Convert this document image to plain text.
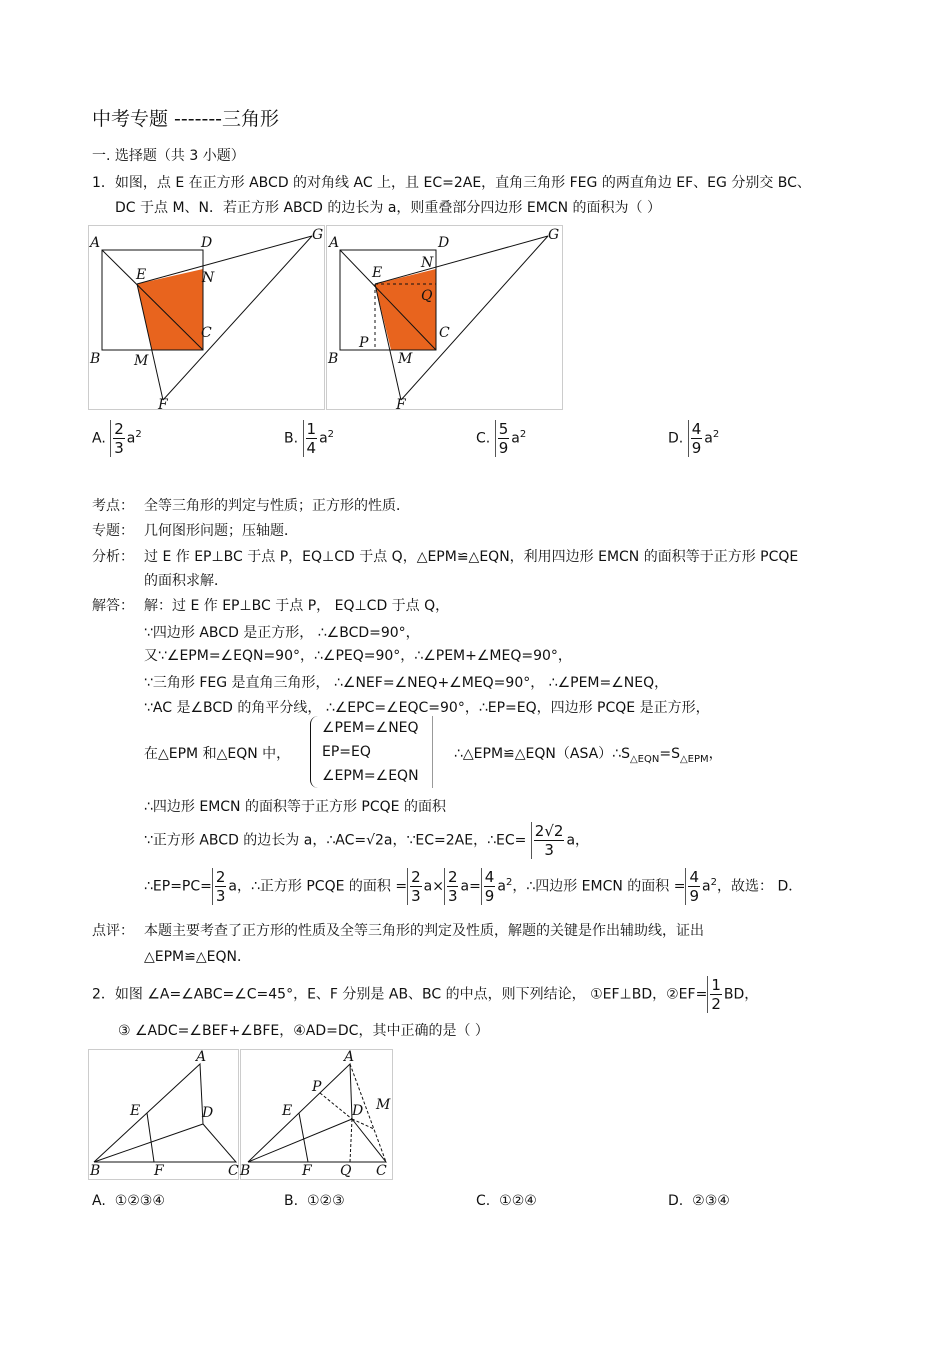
中考专题 -------三角形
一. 选择题（共 3 小题）
1．如图，点 E 在正方形 ABCD 的对角线 AC 上，且 EC=2AE，直角三角形 FEG 的两直角边 EF、EG 分别交 BC、
DC 于点 M、N．若正方形 ABCD 的边长为 a，则重叠部分四边形 EMCN 的面积为（ ）
A	D	G
E	N
C
B M
F
A	D	G
E
N
Q
C
B
P
M
F
A. $\frac{2}{3} a^2$	B. $\frac{1}{4} a^2$	C. $\frac{5}{9} a^2$	D. $\frac{4}{9} a^2$
考点： 全等三角形的判定与性质；正方形的性质．
专题： 几何图形问题；压轴题．
分析： 过 E 作 EP⊥BC 于点 P，EQ⊥CD 于点 Q，△EPM≌△EQN，利用四边形 EMCN 的面积等于正方形 PCQE
的面积求解．
解答： 解：过 E 作 EP⊥BC 于点 P， EQ⊥CD 于点 Q，
∵四边形 ABCD 是正方形， ∴∠BCD=90°，
又∵∠EPM=∠EQN=90°，∴∠PEQ=90°，∴∠PEM+∠MEQ=90°，
∵三角形 FEG 是直角三角形， ∴∠NEF=∠NEQ+∠MEQ=90°， ∴∠PEM=∠NEQ，
∵AC 是∠BCD 的角平分线， ∴∠EPC=∠EQC=90°，∴EP=EQ，四边形 PCQE 是正方形，
在△EPM 和△EQN 中，
∠PEM=∠NEQ
EP=EQ
∠EPM=∠EQN
$\therefore\triangle EPM≌\triangle EQN(ASA)\therefore S_{\triangle EQN}=S_{\triangle EPM}$，
∴四边形 EMCN 的面积等于正方形 PCQE 的面积
∵正方形 ABCD 的边长为 a，∴AC=√2a，∵EC=2AE，∴EC= $\frac{2√2}{3}$ a，
∴EP=PC= $\frac{2}{3}$ a，∴正方形 PCQE 的面积 = $\frac{2}{3} a\times \frac{2}{3} a= \frac{4}{9} a^2$，∴四边形 EMCN 的面积 = $\frac{4}{9} a^2$，故选： D．
点评： 本题主要考查了正方形的性质及全等三角形的判定及性质，解题的关键是作出辅助线，证出
△EPM≌△EQN．
2．如图 ∠A=∠ABC=∠C=45°，E、F 分别是 AB、BC 的中点，则下列结论， ①EF⊥BD，②EF= $\frac{1}{2}$ BD，
③ ∠ADC=∠BEF+∠BFE，④AD=DC，其中正确的是（ ）
A
E	D
B	F	C
A
P
E	D M
B	F Q C
A. ①②③④	B. ①②③	C. ①②④	D. ②③④
